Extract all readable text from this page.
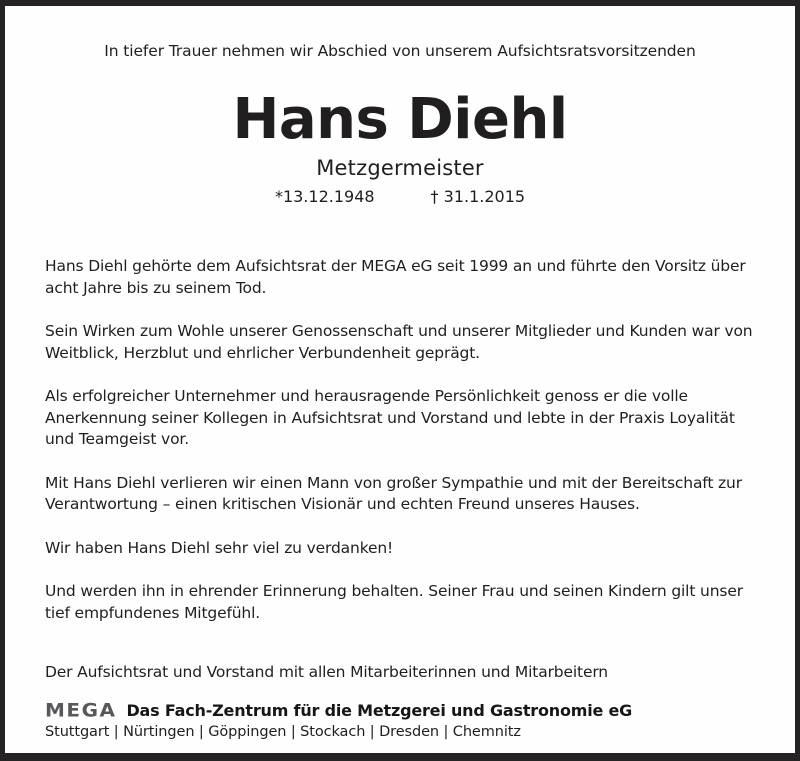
In tiefer Trauer nehmen wir Abschied von unserem Aufsichtsratsvorsitzenden

Hans Diehl

Metzgermeister

*13.12.1948	† 31.1.2015

Hans Diehl gehörte dem Aufsichtsrat der MEGA eG seit 1999 an und führte den Vorsitz über acht Jahre bis zu seinem Tod.

Sein Wirken zum Wohle unserer Genossenschaft und unserer Mitglieder und Kunden war von Weitblick, Herzblut und ehrlicher Verbundenheit geprägt.

Als erfolgreicher Unternehmer und herausragende Persönlichkeit genoss er die volle Anerkennung seiner Kollegen in Aufsichtsrat und Vorstand und lebte in der Praxis Loyalität und Teamgeist vor.

Mit Hans Diehl verlieren wir einen Mann von großer Sympathie und mit der Bereitschaft zur Verantwortung – einen kritischen Visionär und echten Freund unseres Hauses.

Wir haben Hans Diehl sehr viel zu verdanken!

Und werden ihn in ehrender Erinnerung behalten. Seiner Frau und seinen Kindern gilt unser tief empfundenes Mitgefühl.

Der Aufsichtsrat und Vorstand mit allen Mitarbeiterinnen und Mitarbeitern

MEGA Das Fach-Zentrum für die Metzgerei und Gastronomie eG

Stuttgart | Nürtingen | Göppingen | Stockach | Dresden | Chemnitz
